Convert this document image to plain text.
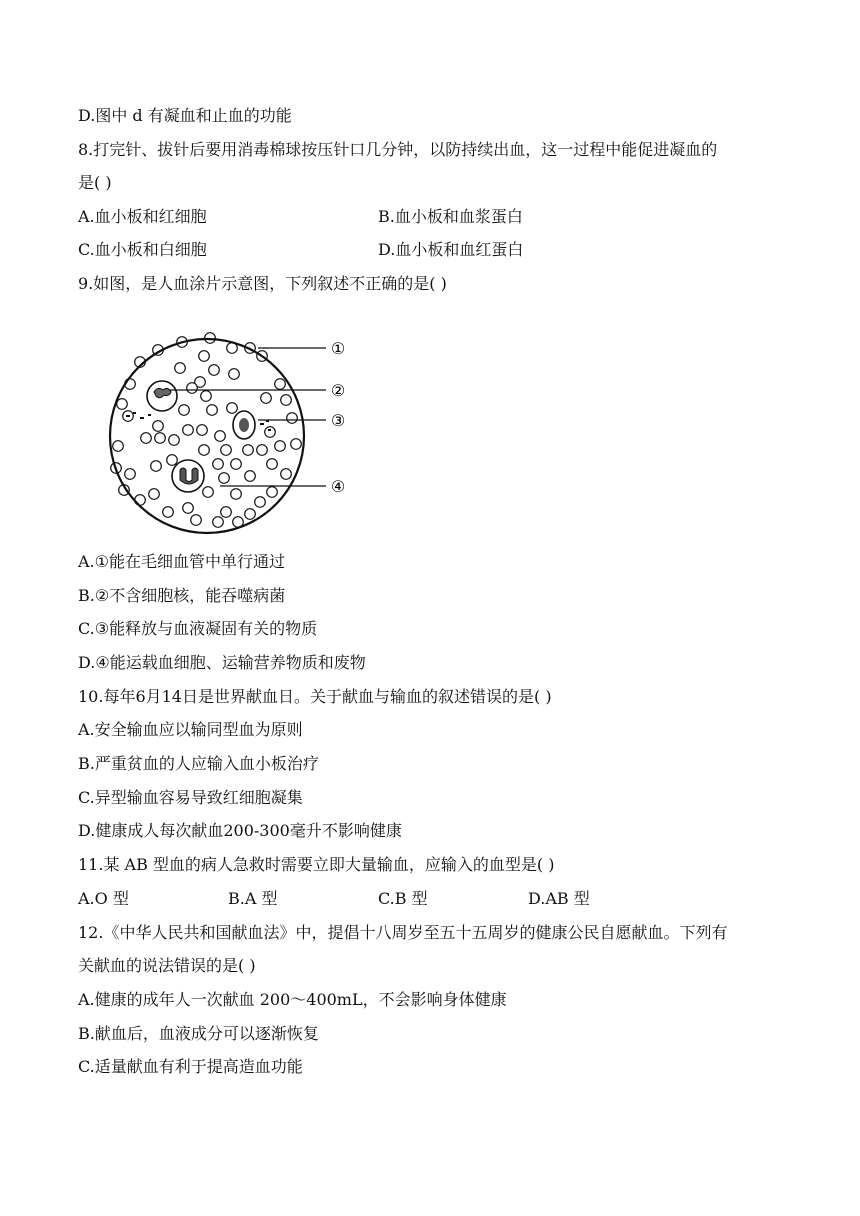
D.图中 d 有凝血和止血的功能
8.打完针、拔针后要用消毒棉球按压针口几分钟，以防持续出血，这一过程中能促进凝血的
是( )
A.血小板和红细胞	B.血小板和血浆蛋白
C.血小板和白细胞	D.血小板和血红蛋白
9.如图，是人血涂片示意图，下列叙述不正确的是( )
①
②
③
④
A.①能在毛细血管中单行通过
B.②不含细胞核，能吞噬病菌
C.③能释放与血液凝固有关的物质
D.④能运载血细胞、运输营养物质和废物
10.每年6月14日是世界献血日。关于献血与输血的叙述错误的是( )
A.安全输血应以输同型血为原则
B.严重贫血的人应输入血小板治疗
C.异型输血容易导致红细胞凝集
D.健康成人每次献血200-300毫升不影响健康
11.某 AB 型血的病人急救时需要立即大量输血，应输入的血型是( )
A.O 型	B.A 型	C.B 型	D.AB 型
12.《中华人民共和国献血法》中，提倡十八周岁至五十五周岁的健康公民自愿献血。下列有
关献血的说法错误的是( )
A.健康的成年人一次献血 200～400mL，不会影响身体健康
B.献血后，血液成分可以逐渐恢复
C.适量献血有利于提高造血功能
